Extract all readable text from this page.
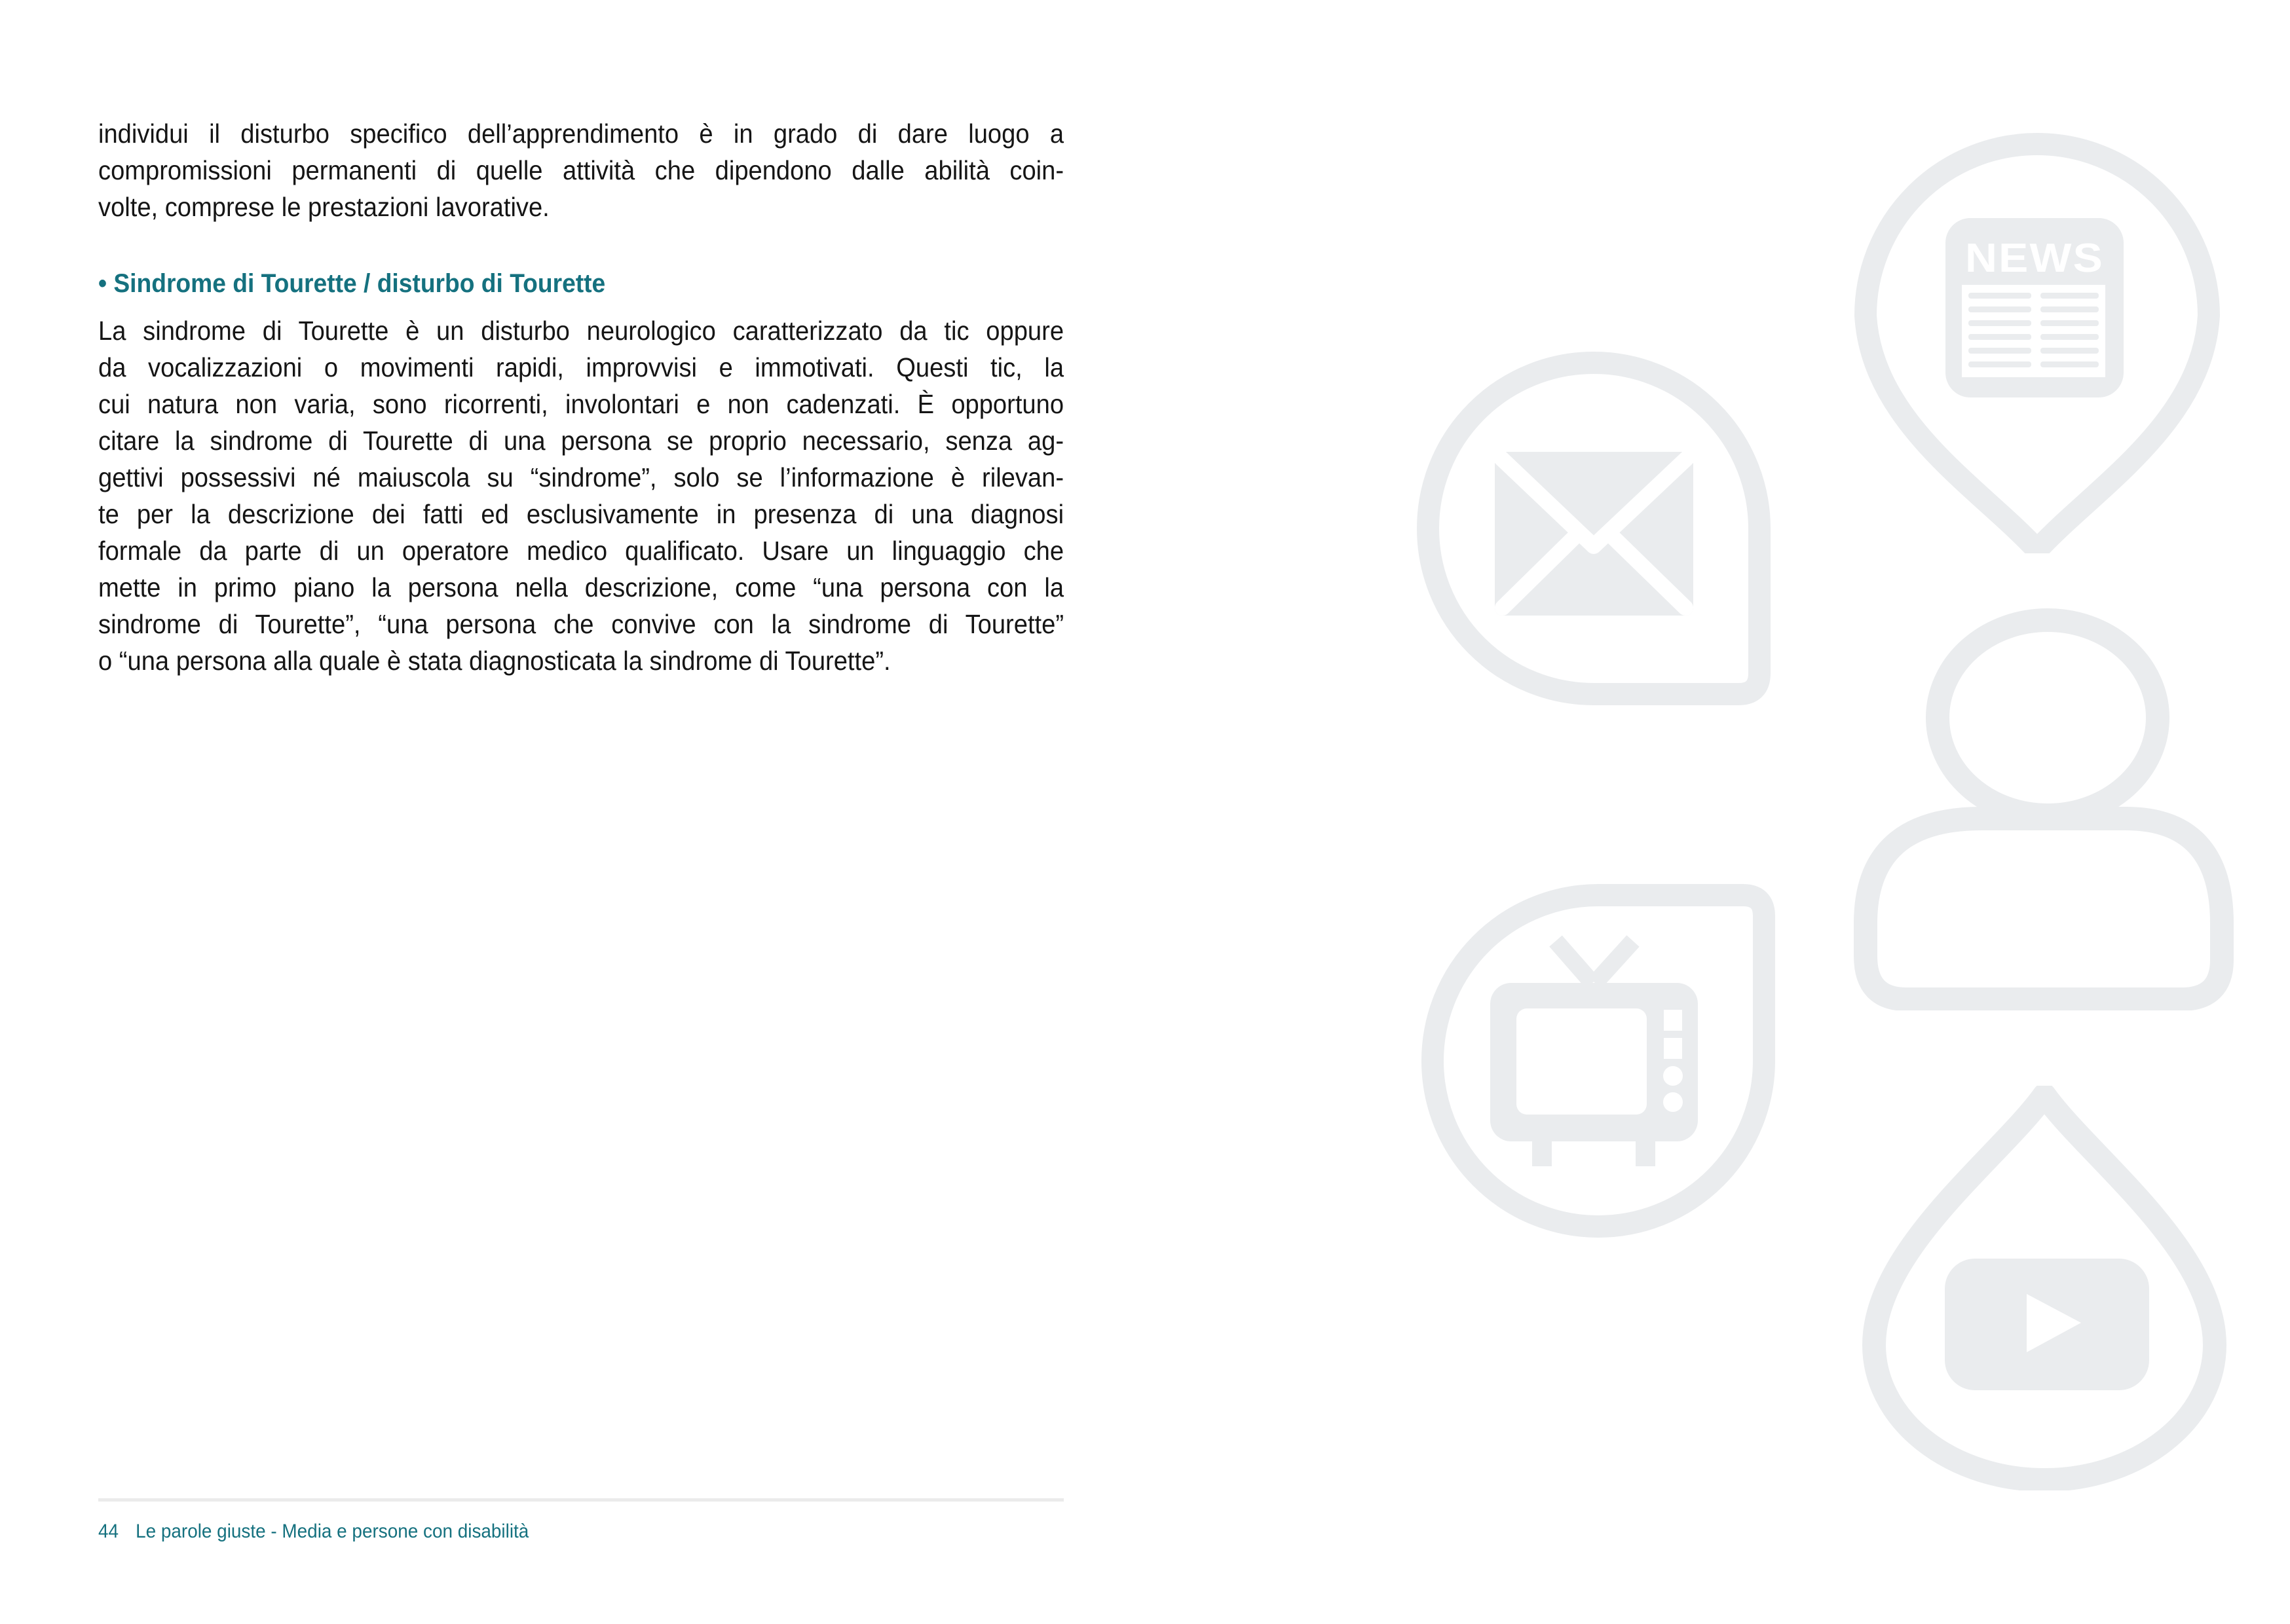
individui il disturbo specifico dell’apprendimento è in grado di dare luogo a
compromissioni permanenti di quelle attività che dipendono dalle abilità coin-
volte, comprese le prestazioni lavorative.
• Sindrome di Tourette / disturbo di Tourette
La sindrome di Tourette è un disturbo neurologico caratterizzato da tic oppure
da vocalizzazioni o movimenti rapidi, improvvisi e immotivati. Questi tic, la
cui natura non varia, sono ricorrenti, involontari e non cadenzati. È opportuno
citare la sindrome di Tourette di una persona se proprio necessario, senza ag-
gettivi possessivi né maiuscola su “sindrome”, solo se l’informazione è rilevan-
te per la descrizione dei fatti ed esclusivamente in presenza di una diagnosi
formale da parte di un operatore medico qualificato. Usare un linguaggio che
mette in primo piano la persona nella descrizione, come “una persona con la
sindrome di Tourette”, “una persona che convive con la sindrome di Tourette”
o “una persona alla quale è stata diagnosticata la sindrome di Tourette”.
NEWS
44 Le parole giuste - Media e persone con disabilità
